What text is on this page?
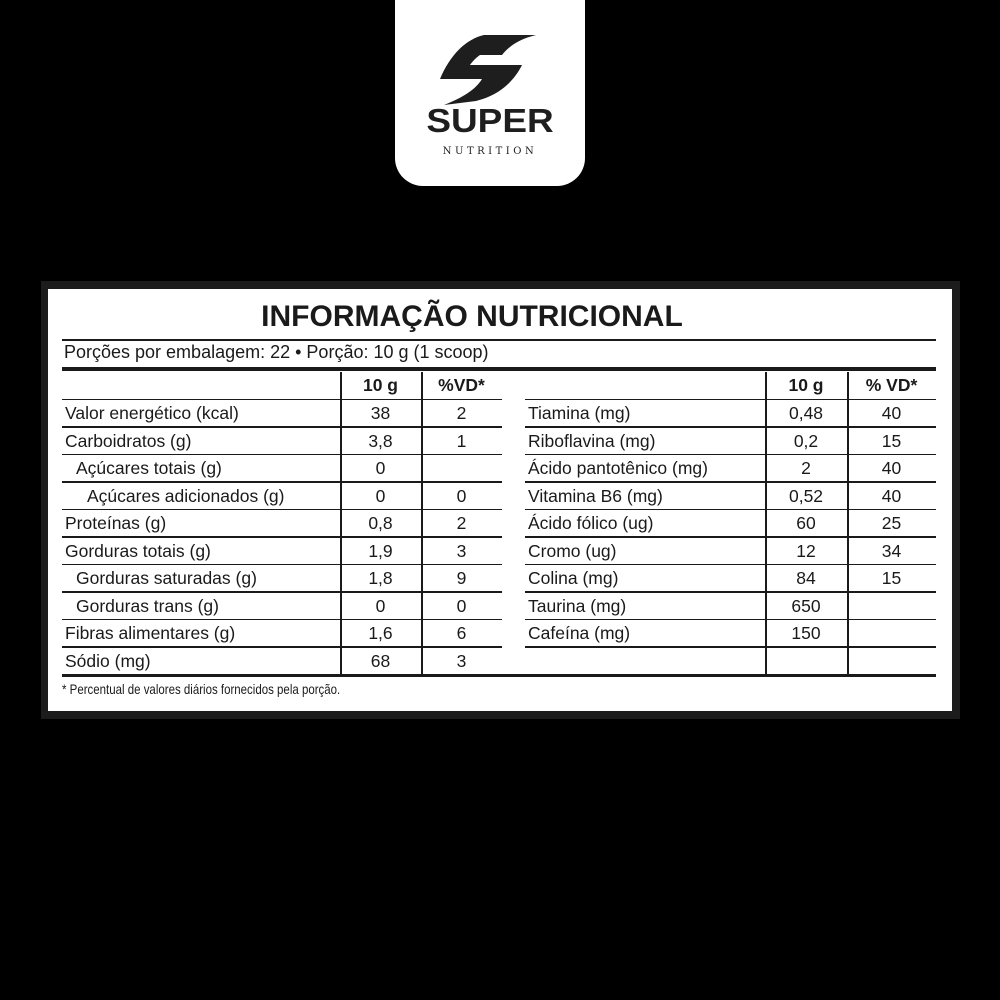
SUPER
NUTRITION
INFORMAÇÃO NUTRICIONAL
Porções por embalagem: 22 • Porção: 10 g (1 scoop)
10 g	%VD*
Valor energético (kcal)	38	2
Carboidratos (g)	3,8	1
Açúcares totais (g)	0
Açúcares adicionados (g)	0	0
Proteínas (g)	0,8	2
Gorduras totais (g)	1,9	3
Gorduras saturadas (g)	1,8	9
Gorduras trans (g)	0	0
Fibras alimentares (g)	1,6	6
Sódio (mg)	68	3
10 g	% VD*
Tiamina (mg)	0,48	40
Riboflavina (mg)	0,2	15
Ácido pantotênico (mg)	2	40
Vitamina B6 (mg)	0,52	40
Ácido fólico (ug)	60	25
Cromo (ug)	12	34
Colina (mg)	84	15
Taurina (mg)	650
Cafeína (mg)	150
* Percentual de valores diários fornecidos pela porção.
